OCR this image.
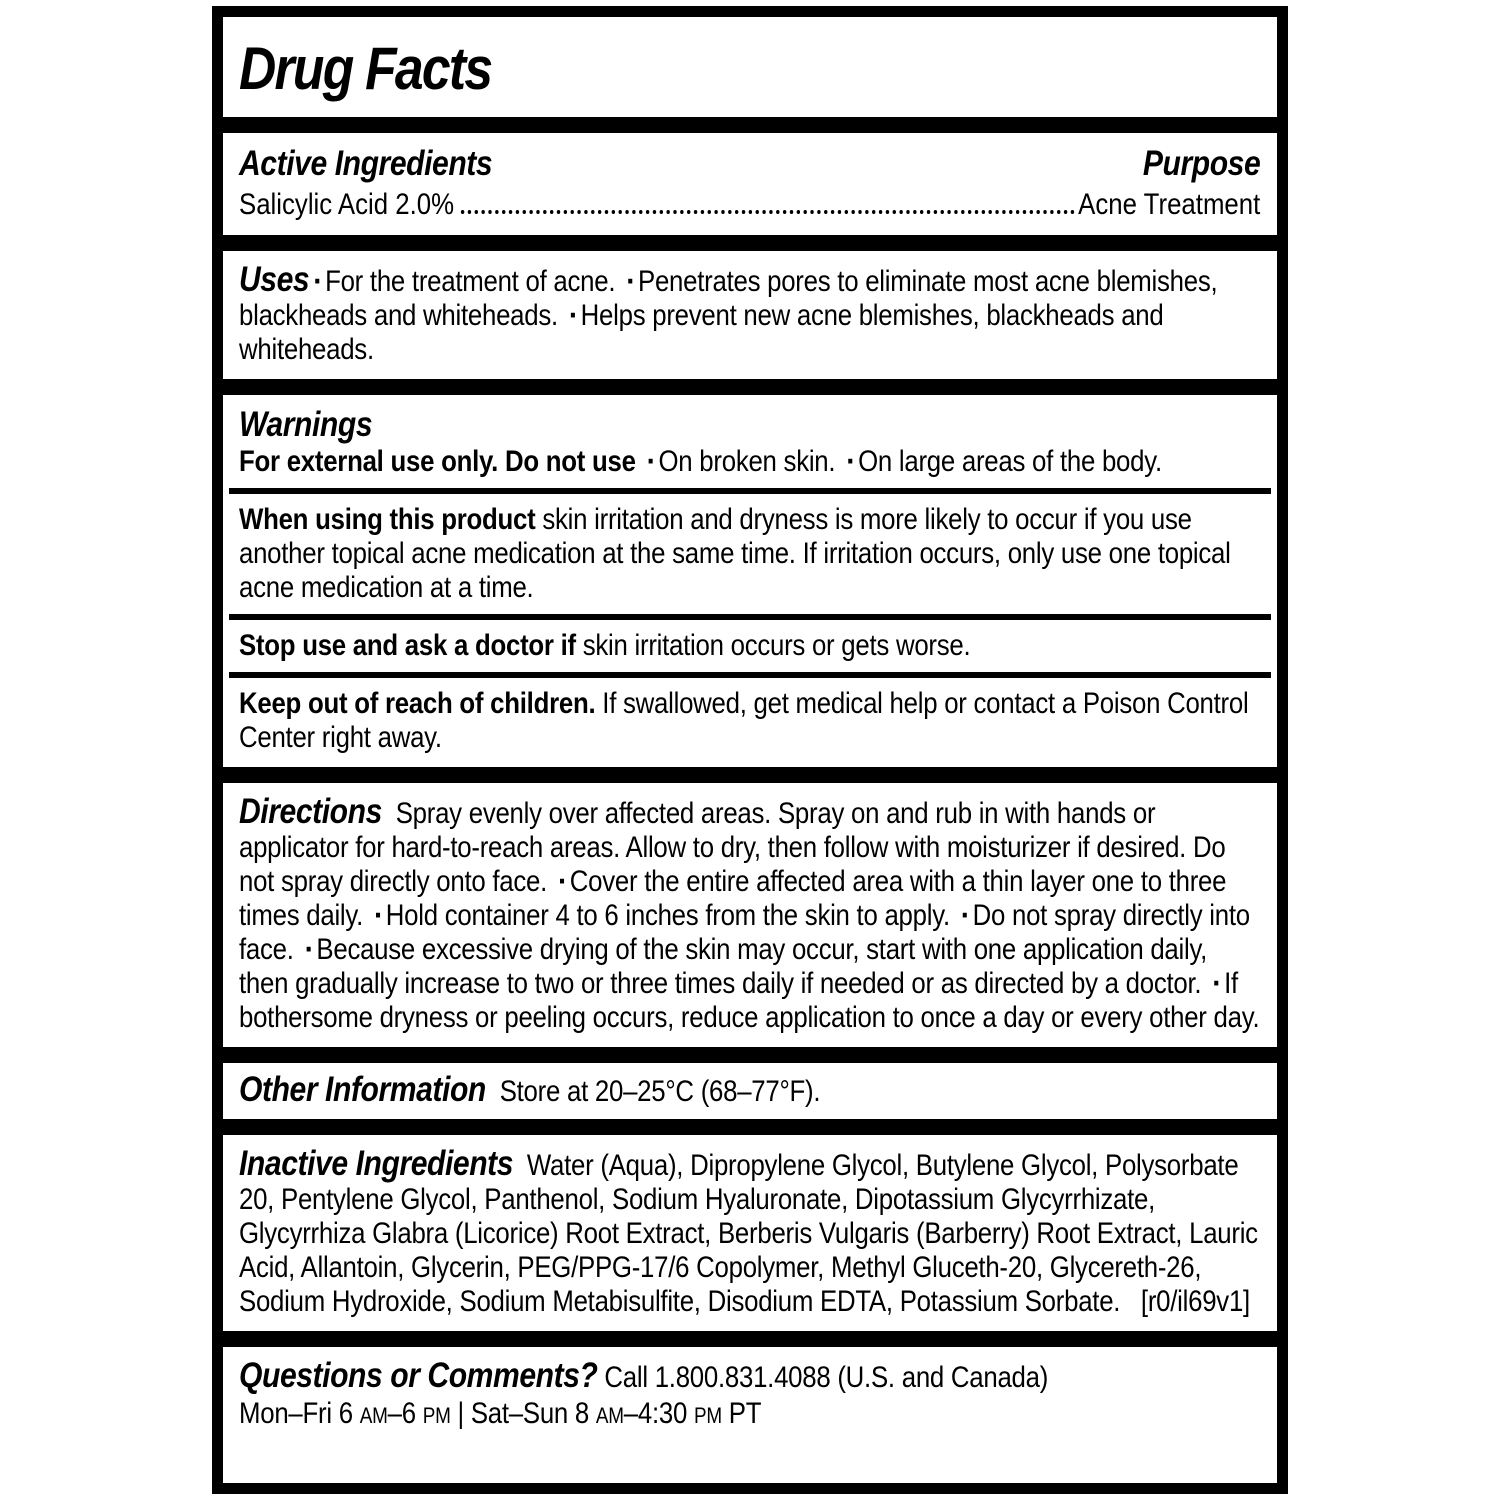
Drug Facts
Active Ingredients	Purpose
Salicylic Acid 2.0%	Acne Treatment
Uses ▪ For the treatment of acne. ▪ Penetrates pores to eliminate most acne blemishes, blackheads and whiteheads. ▪ Helps prevent new acne blemishes, blackheads and whiteheads.
Warnings
For external use only. Do not use ▪ On broken skin. ▪ On large areas of the body.
When using this product skin irritation and dryness is more likely to occur if you use another topical acne medication at the same time. If irritation occurs, only use one topical acne medication at a time.
Stop use and ask a doctor if skin irritation occurs or gets worse.
Keep out of reach of children. If swallowed, get medical help or contact a Poison Control Center right away.
Directions  Spray evenly over affected areas. Spray on and rub in with hands or applicator for hard-to-reach areas. Allow to dry, then follow with moisturizer if desired. Do not spray directly onto face. ▪ Cover the entire affected area with a thin layer one to three times daily. ▪ Hold container 4 to 6 inches from the skin to apply. ▪ Do not spray directly into face. ▪ Because excessive drying of the skin may occur, start with one application daily, then gradually increase to two or three times daily if needed or as directed by a doctor. ▪ If bothersome dryness or peeling occurs, reduce application to once a day or every other day.
Other Information  Store at 20–25°C (68–77°F).
Inactive Ingredients  Water (Aqua), Dipropylene Glycol, Butylene Glycol, Polysorbate 20, Pentylene Glycol, Panthenol, Sodium Hyaluronate, Dipotassium Glycyrrhizate, Glycyrrhiza Glabra (Licorice) Root Extract, Berberis Vulgaris (Barberry) Root Extract, Lauric Acid, Allantoin, Glycerin, PEG/PPG-17/6 Copolymer, Methyl Gluceth-20, Glycereth-26, Sodium Hydroxide, Sodium Metabisulfite, Disodium EDTA, Potassium Sorbate.   [r0/il69v1]
Questions or Comments? Call 1.800.831.4088 (U.S. and Canada)
Mon–Fri 6 AM–6 PM | Sat–Sun 8 AM–4:30 PM PT
